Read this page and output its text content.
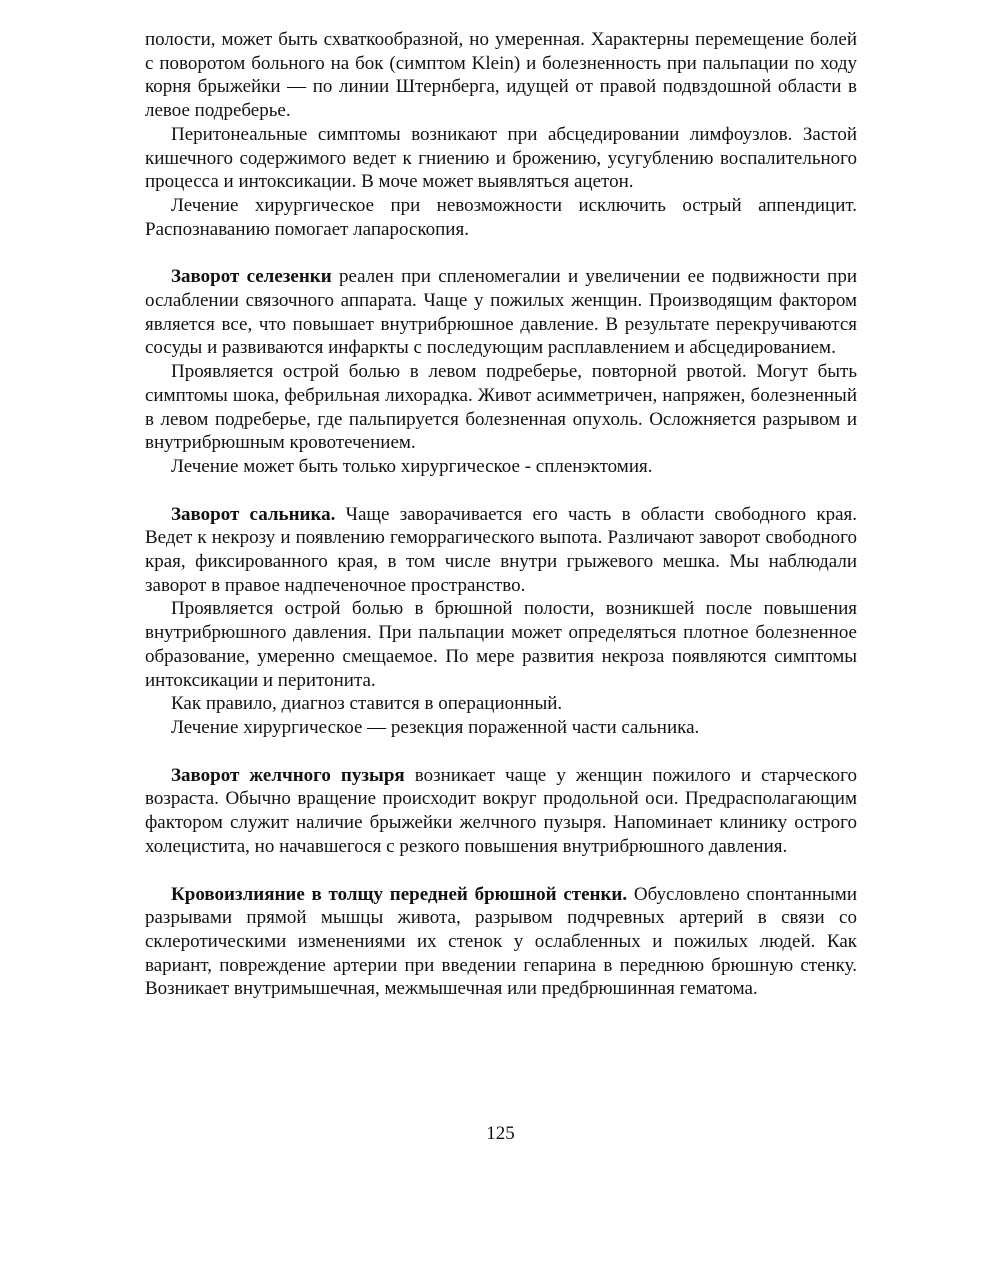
полости, может быть схваткообразной, но умеренная. Характерны перемещение болей с поворотом больного на бок (симптом Klein) и болезненность при пальпации по ходу корня брыжейки — по линии Штернберга, идущей от правой подвздошной области в левое подреберье.

Перитонеальные симптомы возникают при абсцедировании лимфоузлов. Застой кишечного содержимого ведет к гниению и брожению, усугублению воспалительного процесса и интоксикации. В моче может выявляться ацетон.

Лечение хирургическое при невозможности исключить острый аппендицит. Распознаванию помогает лапароскопия.

Заворот селезенки реален при спленомегалии и увеличении ее подвижности при ослаблении связочного аппарата. Чаще у пожилых женщин. Производящим фактором является все, что повышает внутрибрюшное давление. В результате перекручиваются сосуды и развиваются инфаркты с последующим расплавлением и абсцедированием.

Проявляется острой болью в левом подреберье, повторной рвотой. Могут быть симптомы шока, фебрильная лихорадка. Живот асимметричен, напряжен, болезненный в левом подреберье, где пальпируется болезненная опухоль. Осложняется разрывом и внутрибрюшным кровотечением.

Лечение может быть только хирургическое - спленэктомия.

Заворот сальника. Чаще заворачивается его часть в области свободного края. Ведет к некрозу и появлению геморрагического выпота. Различают заворот свободного края, фиксированного края, в том числе внутри грыжевого мешка. Мы наблюдали заворот в правое надпеченочное пространство.

Проявляется острой болью в брюшной полости, возникшей после повышения внутрибрюшного давления. При пальпации может определяться плотное болезненное образование, умеренно смещаемое. По мере развития некроза появляются симптомы интоксикации и перитонита.

Как правило, диагноз ставится в операционный.

Лечение хирургическое — резекция пораженной части сальника.

Заворот желчного пузыря возникает чаще у женщин пожилого и старческого возраста. Обычно вращение происходит вокруг продольной оси. Предрасполагающим фактором служит наличие брыжейки желчного пузыря. Напоминает клинику острого холецистита, но начавшегося с резкого повышения внутрибрюшного давления.

Кровоизлияние в толщу передней брюшной стенки. Обусловлено спонтанными разрывами прямой мышцы живота, разрывом подчревных артерий в связи со склеротическими изменениями их стенок у ослабленных и пожилых людей. Как вариант, повреждение артерии при введении гепарина в переднюю брюшную стенку. Возникает внутримышечная, межмышечная или предбрюшинная гематома.

125
